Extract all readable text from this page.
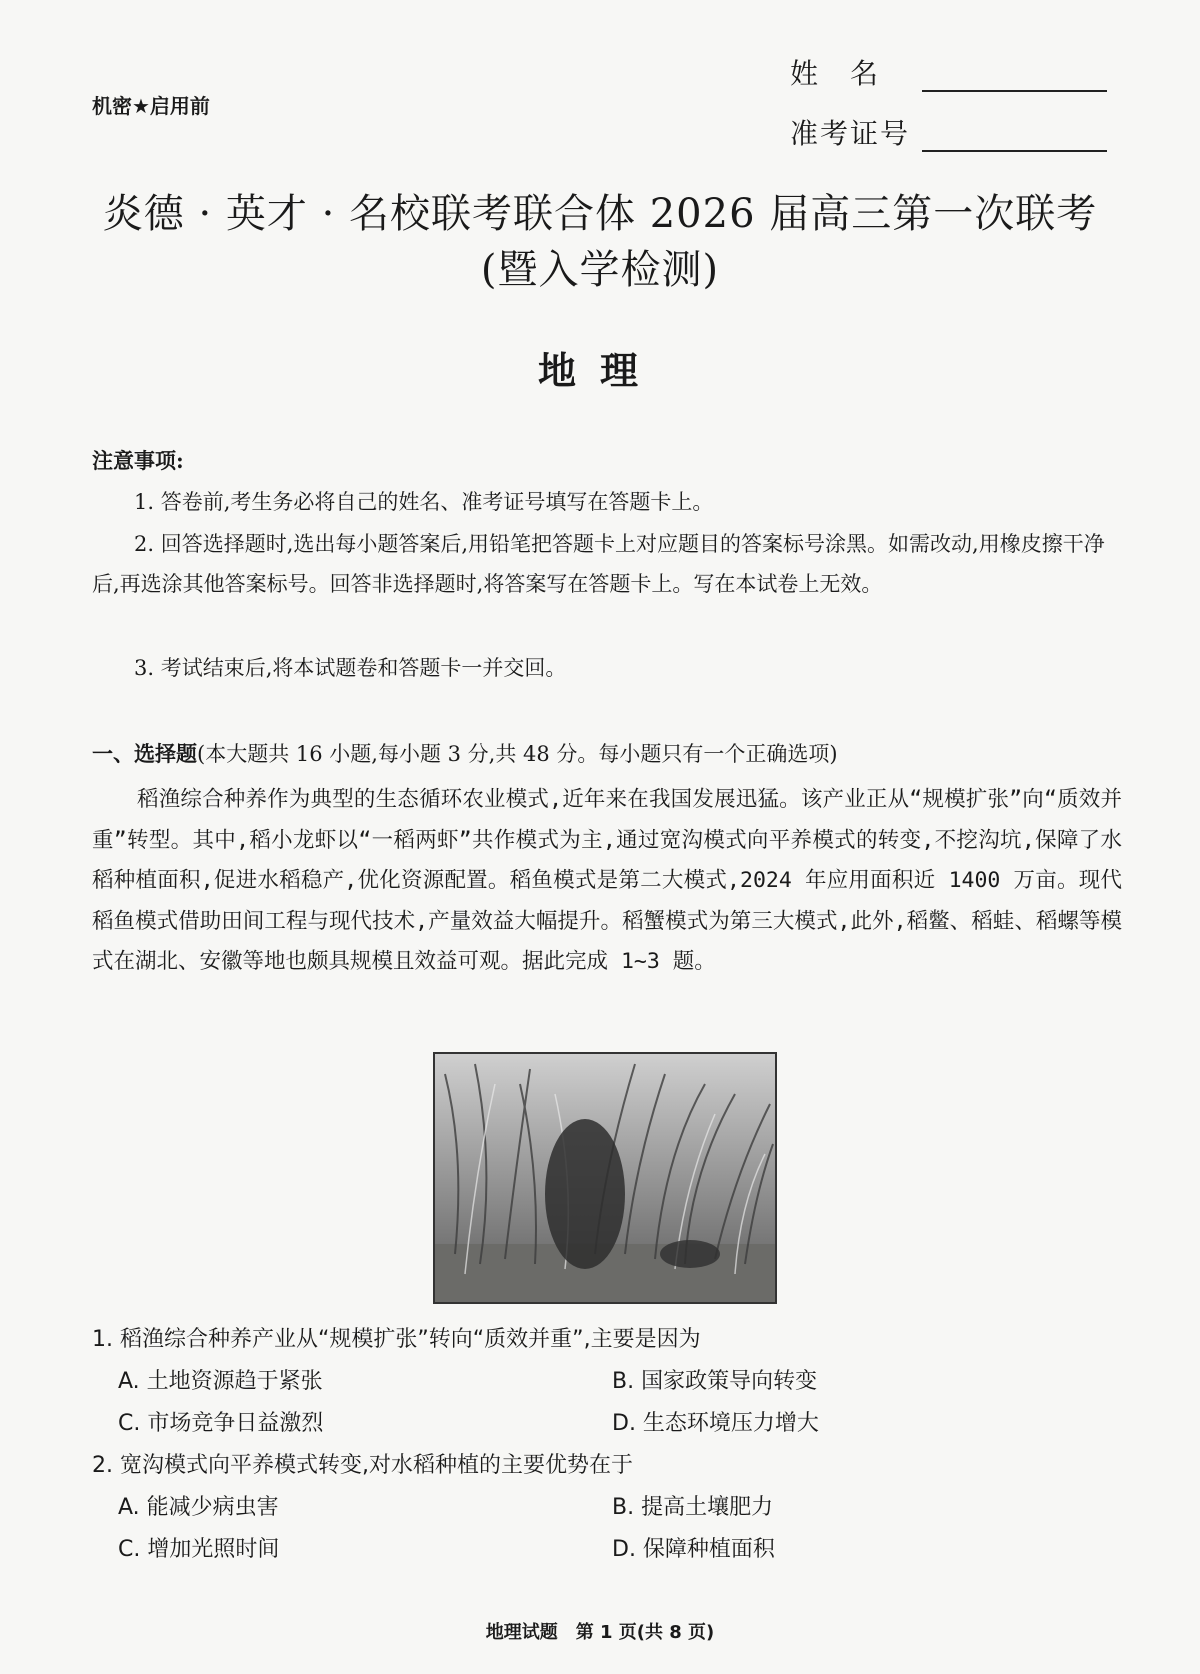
机密★启用前
姓　名
准考证号
炎德 · 英才 · 名校联考联合体 2026 届高三第一次联考
(暨入学检测)
地理
注意事项:
1. 答卷前,考生务必将自己的姓名、准考证号填写在答题卡上。
2. 回答选择题时,选出每小题答案后,用铅笔把答题卡上对应题目的答案标号涂黑。如需改动,用橡皮擦干净后,再选涂其他答案标号。回答非选择题时,将答案写在答题卡上。写在本试卷上无效。
3. 考试结束后,将本试题卷和答题卡一并交回。
一、选择题(本大题共 16 小题,每小题 3 分,共 48 分。每小题只有一个正确选项)
稻渔综合种养作为典型的生态循环农业模式,近年来在我国发展迅猛。该产业正从“规模扩张”向“质效并重”转型。其中,稻小龙虾以“一稻两虾”共作模式为主,通过宽沟模式向平养模式的转变,不挖沟坑,保障了水稻种植面积,促进水稻稳产,优化资源配置。稻鱼模式是第二大模式,2024 年应用面积近 1400 万亩。现代稻鱼模式借助田间工程与现代技术,产量效益大幅提升。稻蟹模式为第三大模式,此外,稻鳖、稻蛙、稻螺等模式在湖北、安徽等地也颇具规模且效益可观。据此完成 1~3 题。
1. 稻渔综合种养产业从“规模扩张”转向“质效并重”,主要是因为
A. 土地资源趋于紧张	B. 国家政策导向转变
C. 市场竞争日益激烈	D. 生态环境压力增大
2. 宽沟模式向平养模式转变,对水稻种植的主要优势在于
A. 能减少病虫害	B. 提高土壤肥力
C. 增加光照时间	D. 保障种植面积
地理试题　第 1 页(共 8 页)
